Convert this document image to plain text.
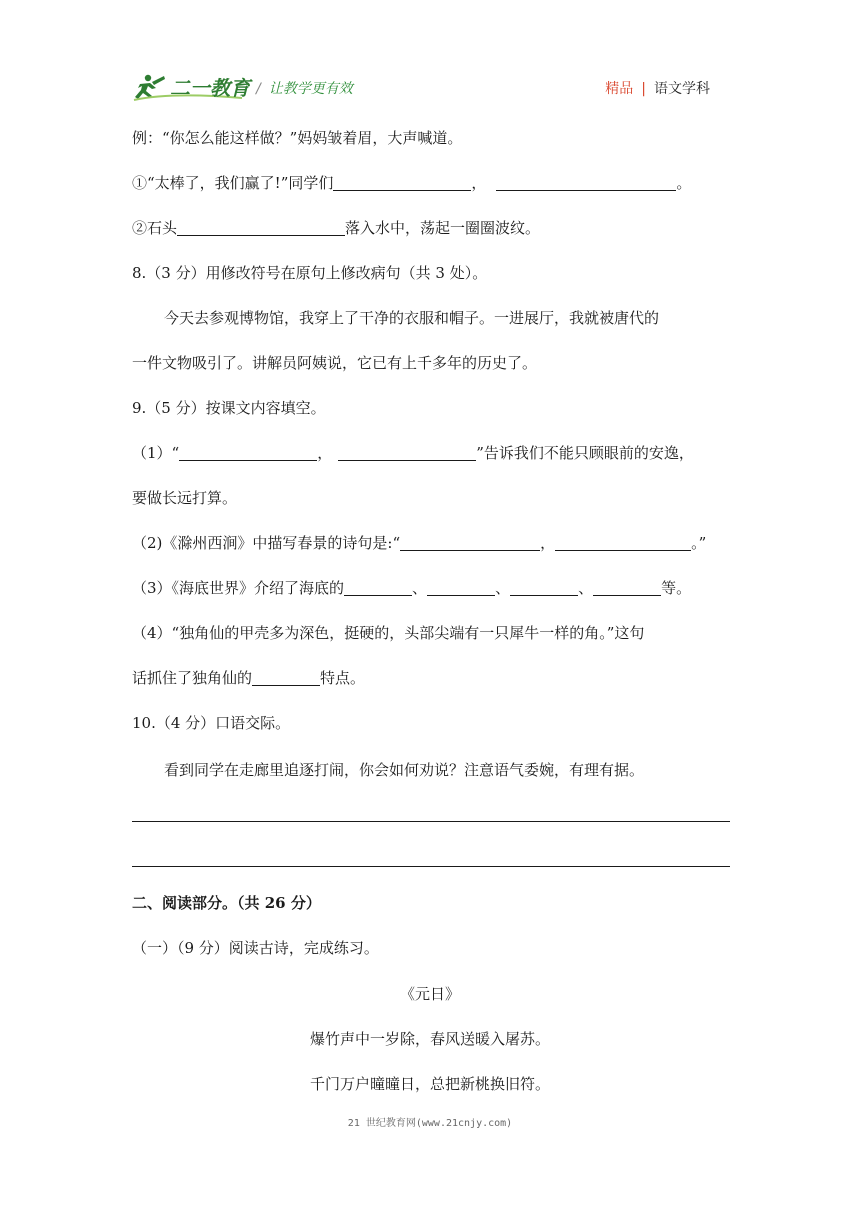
二一教育 / 让教学更有效	精品 | 语文学科
例：“你怎么能这样做？”妈妈皱着眉，大声喊道。
①“太棒了，我们赢了!”同学们	，	。
②石头	落入水中，荡起一圈圈波纹。
8.（3 分）用修改符号在原句上修改病句（共 3 处）。
今天去参观博物馆，我穿上了干净的衣服和帽子。一进展厅，我就被唐代的
一件文物吸引了。讲解员阿姨说，它已有上千多年的历史了。
9.（5 分）按课文内容填空。
（1）“	，	”告诉我们不能只顾眼前的安逸，
要做长远打算。
（2)《滁州西涧》中描写春景的诗句是:“	，	。”
（3）《海底世界》介绍了海底的	、	、	、	等。
（4）“独角仙的甲壳多为深色，挺硬的，头部尖端有一只犀牛一样的角。”这句
话抓住了独角仙的	特点。
10.（4 分）口语交际。
看到同学在走廊里追逐打闹，你会如何劝说？注意语气委婉，有理有据。
二、阅读部分。（共 26 分）
（一）（9 分）阅读古诗，完成练习。
《元日》
爆竹声中一岁除，春风送暖入屠苏。
千门万户曈曈日，总把新桃换旧符。
21 世纪教育网(www.21cnjy.com)
